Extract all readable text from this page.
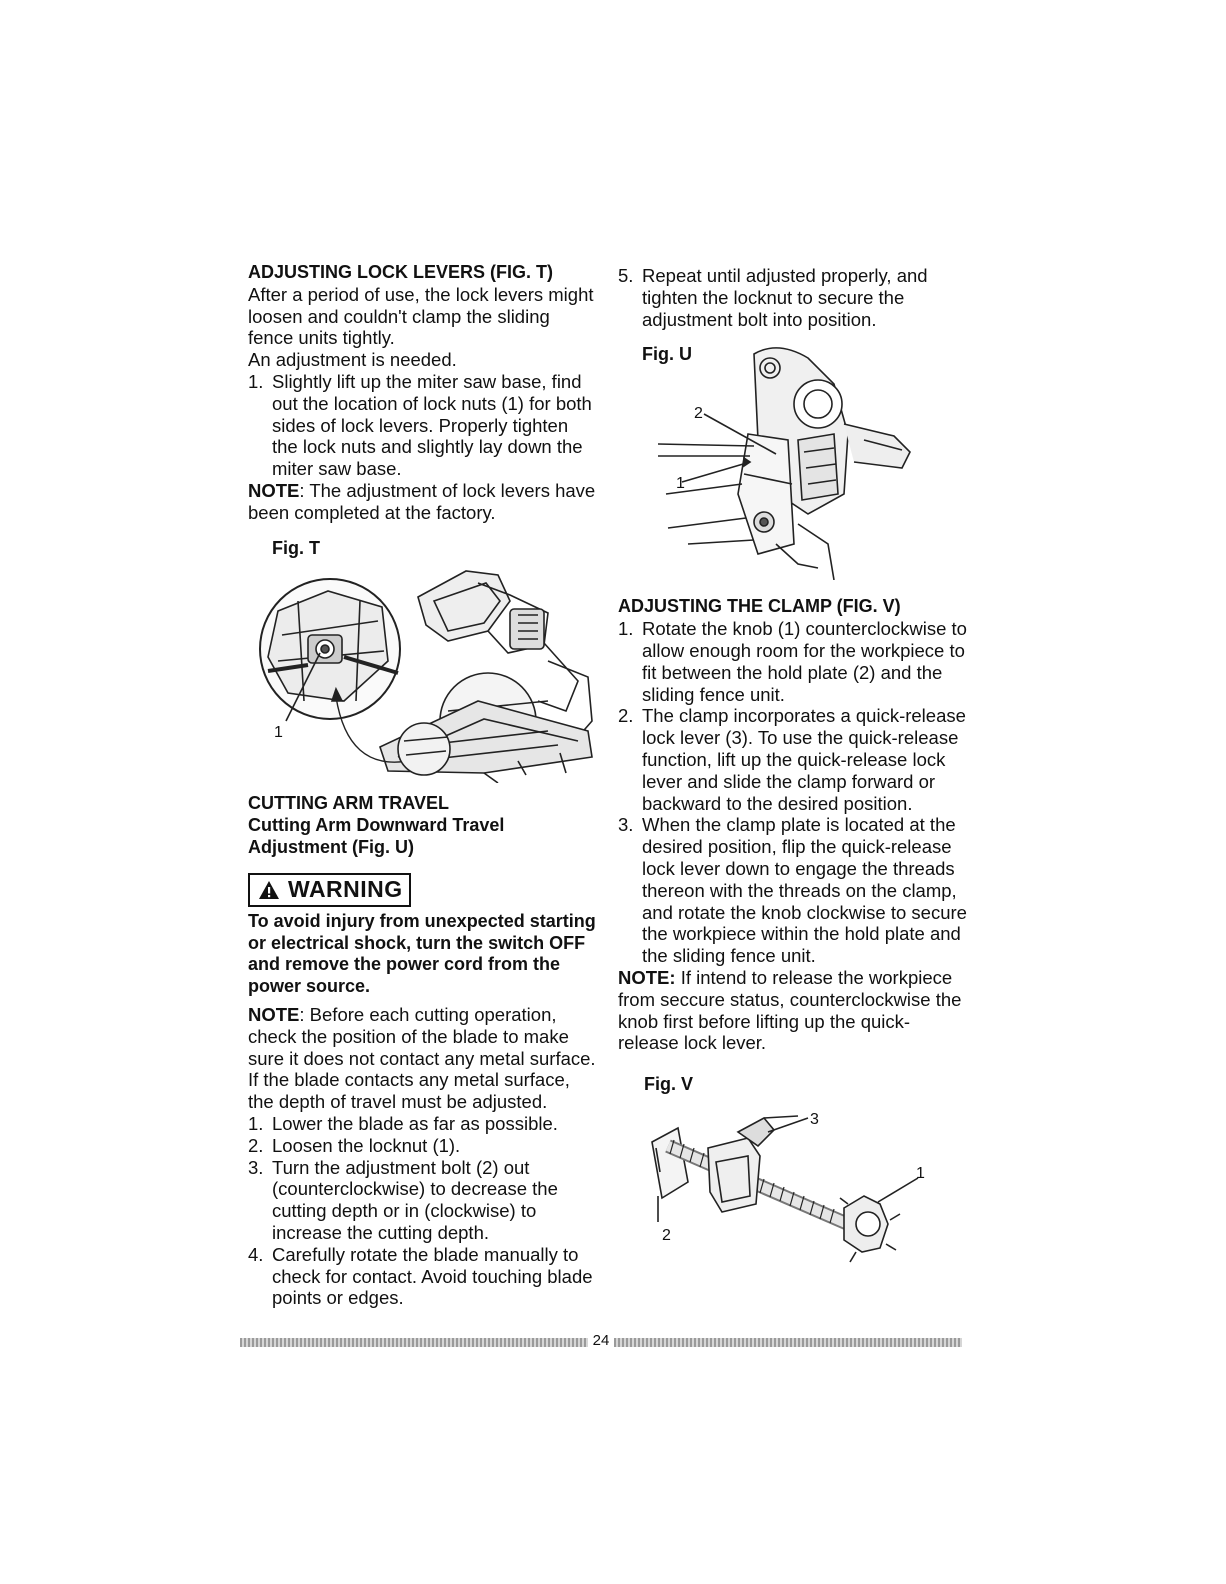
ADJUSTING LOCK LEVERS (FIG. T)

After a period of use, the lock levers might loosen and couldn't clamp the sliding fence units tightly.

An adjustment is needed.

1. Slightly lift up the miter saw base, find out the location of lock nuts (1) for both sides of lock levers. Properly tighten the lock nuts and slightly lay down the miter saw base.

NOTE: The adjustment of lock levers have been completed at the factory.

Fig. T

1

CUTTING ARM TRAVEL

Cutting Arm Downward Travel

Adjustment (Fig. U)

WARNING

To avoid injury from unexpected starting or electrical shock, turn the switch OFF and remove the power cord from the power source.

NOTE: Before each cutting operation, check the position of the blade to make sure it does not contact any metal surface. If the blade contacts any metal surface, the depth of travel must be adjusted.

1. Lower the blade as far as possible.
2. Loosen the locknut (1).
3. Turn the adjustment bolt (2) out (counterclockwise) to decrease the cutting depth or in (clockwise) to increase the cutting depth.
4. Carefully rotate the blade manually to check for contact. Avoid touching blade points or edges.
5. Repeat until adjusted properly, and tighten the locknut to secure the adjustment bolt into position.

Fig. U

2
1

ADJUSTING THE CLAMP (FIG. V)

1. Rotate the knob (1) counterclockwise to allow enough room for the workpiece to fit between the hold plate (2) and the sliding fence unit.
2. The clamp incorporates a quick-release lock lever (3). To use the quick-release function, lift up the quick-release lock lever and slide the clamp forward or backward to the desired position.
3. When the clamp plate is located at the desired position, flip the quick-release lock lever down to engage the threads thereon with the threads on the clamp, and rotate the knob clockwise to secure the workpiece within the hold plate and the sliding fence unit.

NOTE: If intend to release the workpiece from seccure status, counterclockwise the knob first before lifting up the quick-release lock lever.

Fig. V

3
1
2
24
